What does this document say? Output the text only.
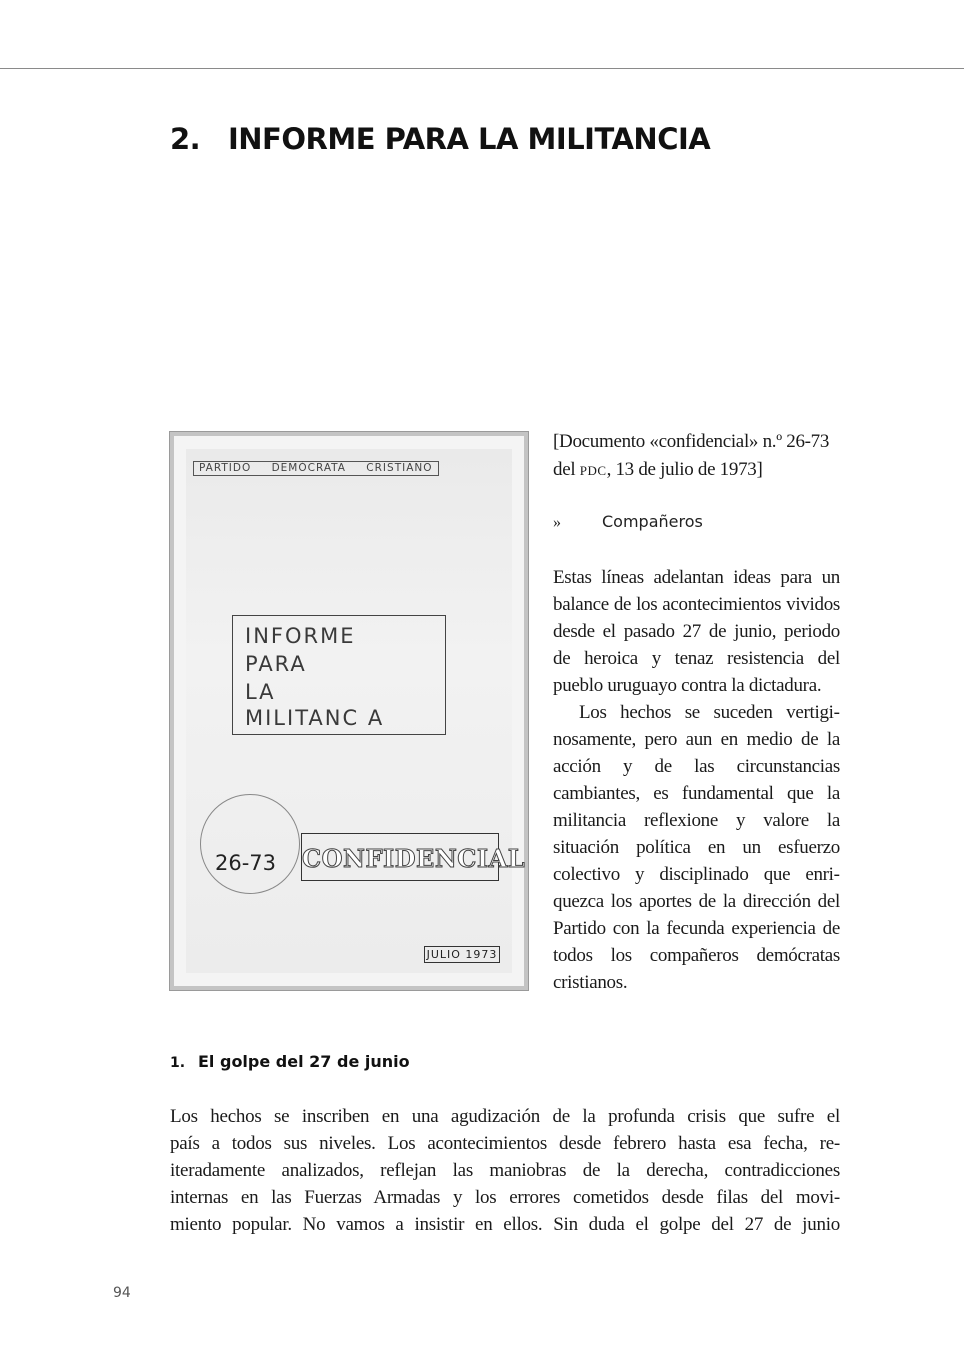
2. INFORME PARA LA MILITANCIA
PARTIDO DEMÓCRATA CRISTIANO
INFORME
PARA
LA
MILITANC A
26-73 CONFIDENCIAL
JULIO 1973

[Documento «confidencial» n.º 26-73 del PDC, 13 de julio de 1973]

»	Compañeros

Estas líneas adelantan ideas para un balance de los acontecimientos vividos desde el pasado 27 de junio, periodo de heroica y tenaz resistencia del pueblo uruguayo contra la dictadura.

Los hechos se suceden vertiginosamente, pero aun en medio de la acción y de las circunstancias cambiantes, es fundamental que la militancia reflexione y valore la situación política en un esfuerzo colectivo y disciplinado que enriquezca los aportes de la dirección del Partido con la fecunda experiencia de todos los compañeros demócratas cristianos.

1. El golpe del 27 de junio
Los hechos se inscriben en una agudización de la profunda crisis que sufre el
país a todos sus niveles. Los acontecimientos desde febrero hasta esa fecha, re-
iteradamente analizados, reflejan las maniobras de la derecha, contradicciones
internas en las Fuerzas Armadas y los errores cometidos desde filas del movi-
miento popular. No vamos a insistir en ellos. Sin duda el golpe del 27 de junio
94
